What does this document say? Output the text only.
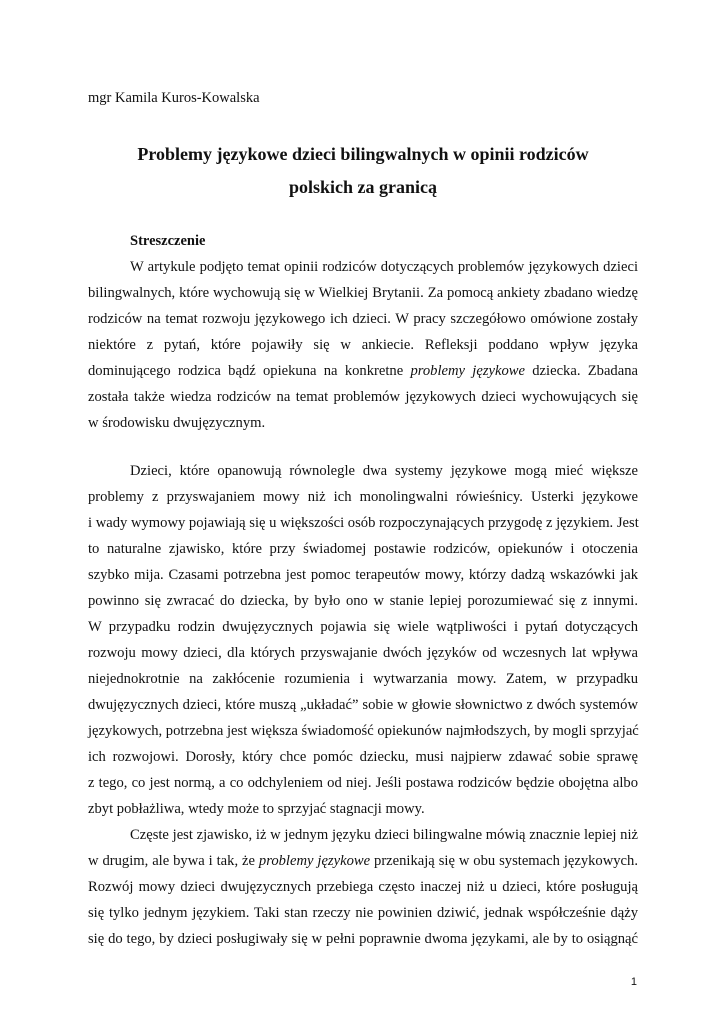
mgr Kamila Kuros-Kowalska
Problemy językowe dzieci bilingwalnych w opinii rodziców
polskich za granicą
Streszczenie
W artykule podjęto temat opinii rodziców dotyczących problemów językowych dzieci
bilingwalnych, które wychowują się w Wielkiej Brytanii. Za pomocą ankiety zbadano wiedzę
rodziców na temat rozwoju językowego ich dzieci. W pracy szczegółowo omówione zostały
niektóre z pytań, które pojawiły się w ankiecie. Refleksji poddano wpływ języka
dominującego rodzica bądź opiekuna na konkretne problemy językowe dziecka. Zbadana
została także wiedza rodziców na temat problemów językowych dzieci wychowujących się
w środowisku dwujęzycznym.
Dzieci, które opanowują równolegle dwa systemy językowe mogą mieć większe
problemy z przyswajaniem mowy niż ich monolingwalni rówieśnicy. Usterki językowe
i wady wymowy pojawiają się u większości osób rozpoczynających przygodę z językiem. Jest
to naturalne zjawisko, które przy świadomej postawie rodziców, opiekunów i otoczenia
szybko mija. Czasami potrzebna jest pomoc terapeutów mowy, którzy dadzą wskazówki jak
powinno się zwracać do dziecka, by było ono w stanie lepiej porozumiewać się z innymi.
W przypadku rodzin dwujęzycznych pojawia się wiele wątpliwości i pytań dotyczących
rozwoju mowy dzieci, dla których przyswajanie dwóch języków od wczesnych lat wpływa
niejednokrotnie na zakłócenie rozumienia i wytwarzania mowy. Zatem, w przypadku
dwujęzycznych dzieci, które muszą „układać” sobie w głowie słownictwo z dwóch systemów
językowych, potrzebna jest większa świadomość opiekunów najmłodszych, by mogli sprzyjać
ich rozwojowi. Dorosły, który chce pomóc dziecku, musi najpierw zdawać sobie sprawę
z tego, co jest normą, a co odchyleniem od niej. Jeśli postawa rodziców będzie obojętna albo
zbyt pobłażliwa, wtedy może to sprzyjać stagnacji mowy.
Częste jest zjawisko, iż w jednym języku dzieci bilingwalne mówią znacznie lepiej niż
w drugim, ale bywa i tak, że problemy językowe przenikają się w obu systemach językowych.
Rozwój mowy dzieci dwujęzycznych przebiega często inaczej niż u dzieci, które posługują
się tylko jednym językiem. Taki stan rzeczy nie powinien dziwić, jednak współcześnie dąży
się do tego, by dzieci posługiwały się w pełni poprawnie dwoma językami, ale by to osiągnąć
1
